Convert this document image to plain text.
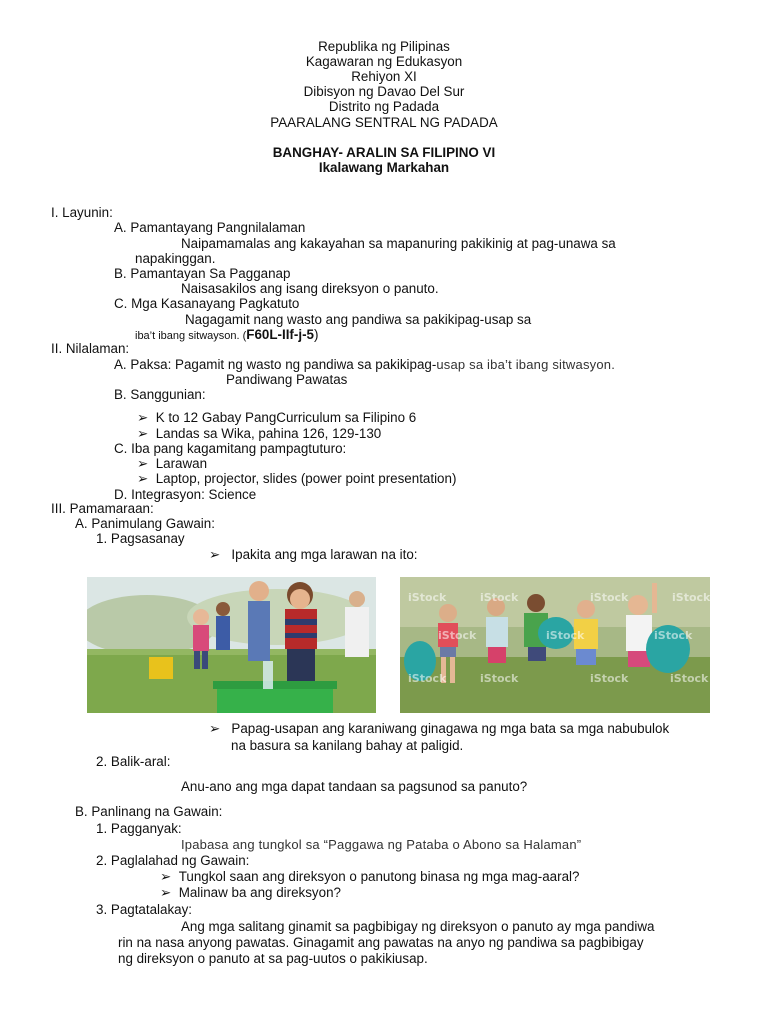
Republika ng Pilipinas
Kagawaran ng Edukasyon
Rehiyon XI
Dibisyon ng Davao Del Sur
Distrito ng Padada
PAARALANG SENTRAL NG PADADA
BANGHAY- ARALIN SA FILIPINO VI
Ikalawang Markahan
I. Layunin:
A. Pamantayang Pangnilalaman
Naipamamalas ang kakayahan sa mapanuring pakikinig at pag-unawa sa
napakinggan.
B. Pamantayan Sa Pagganap
Naisasakilos ang isang direksyon o panuto.
C. Mga Kasanayang Pagkatuto
Nagagamit nang wasto ang pandiwa sa pakikipag-usap sa
iba’t ibang sitwayson. (F60L-IIf-j-5)
II. Nilalaman:
A. Paksa: Pagamit ng wasto ng pandiwa sa pakikipag-usap sa iba’t ibang sitwasyon.
Pandiwang Pawatas
B. Sanggunian:
➢ K to 12 Gabay PangCurriculum sa Filipino 6
➢ Landas sa Wika, pahina 126, 129-130
C. Iba pang kagamitang pampagtuturo:
➢ Larawan
➢ Laptop, projector, slides (power point presentation)
D. Integrasyon: Science
III. Pamamaraan:
A. Panimulang Gawain:
1. Pagsasanay
➢ Ipakita ang mga larawan na ito:
iStock	iStock	iStock	iStock
iStock	iStock	iStock
iStock	iStock	iStock	iStock
➢ Papag-usapan ang karaniwang ginagawa ng mga bata sa mga nabubulok
na basura sa kanilang bahay at paligid.
2. Balik-aral:
Anu-ano ang mga dapat tandaan sa pagsunod sa panuto?
B. Panlinang na Gawain:
1. Pagganyak:
Ipabasa ang tungkol sa “Paggawa ng Pataba o Abono sa Halaman”
2. Paglalahad ng Gawain:
➢ Tungkol saan ang direksyon o panutong binasa ng mga mag-aaral?
➢ Malinaw ba ang direksyon?
3. Pagtatalakay:
Ang mga salitang ginamit sa pagbibigay ng direksyon o panuto ay mga pandiwa
rin na nasa anyong pawatas. Ginagamit ang pawatas na anyo ng pandiwa sa pagbibigay
ng direksyon o panuto at sa pag-uutos o pakikiusap.
